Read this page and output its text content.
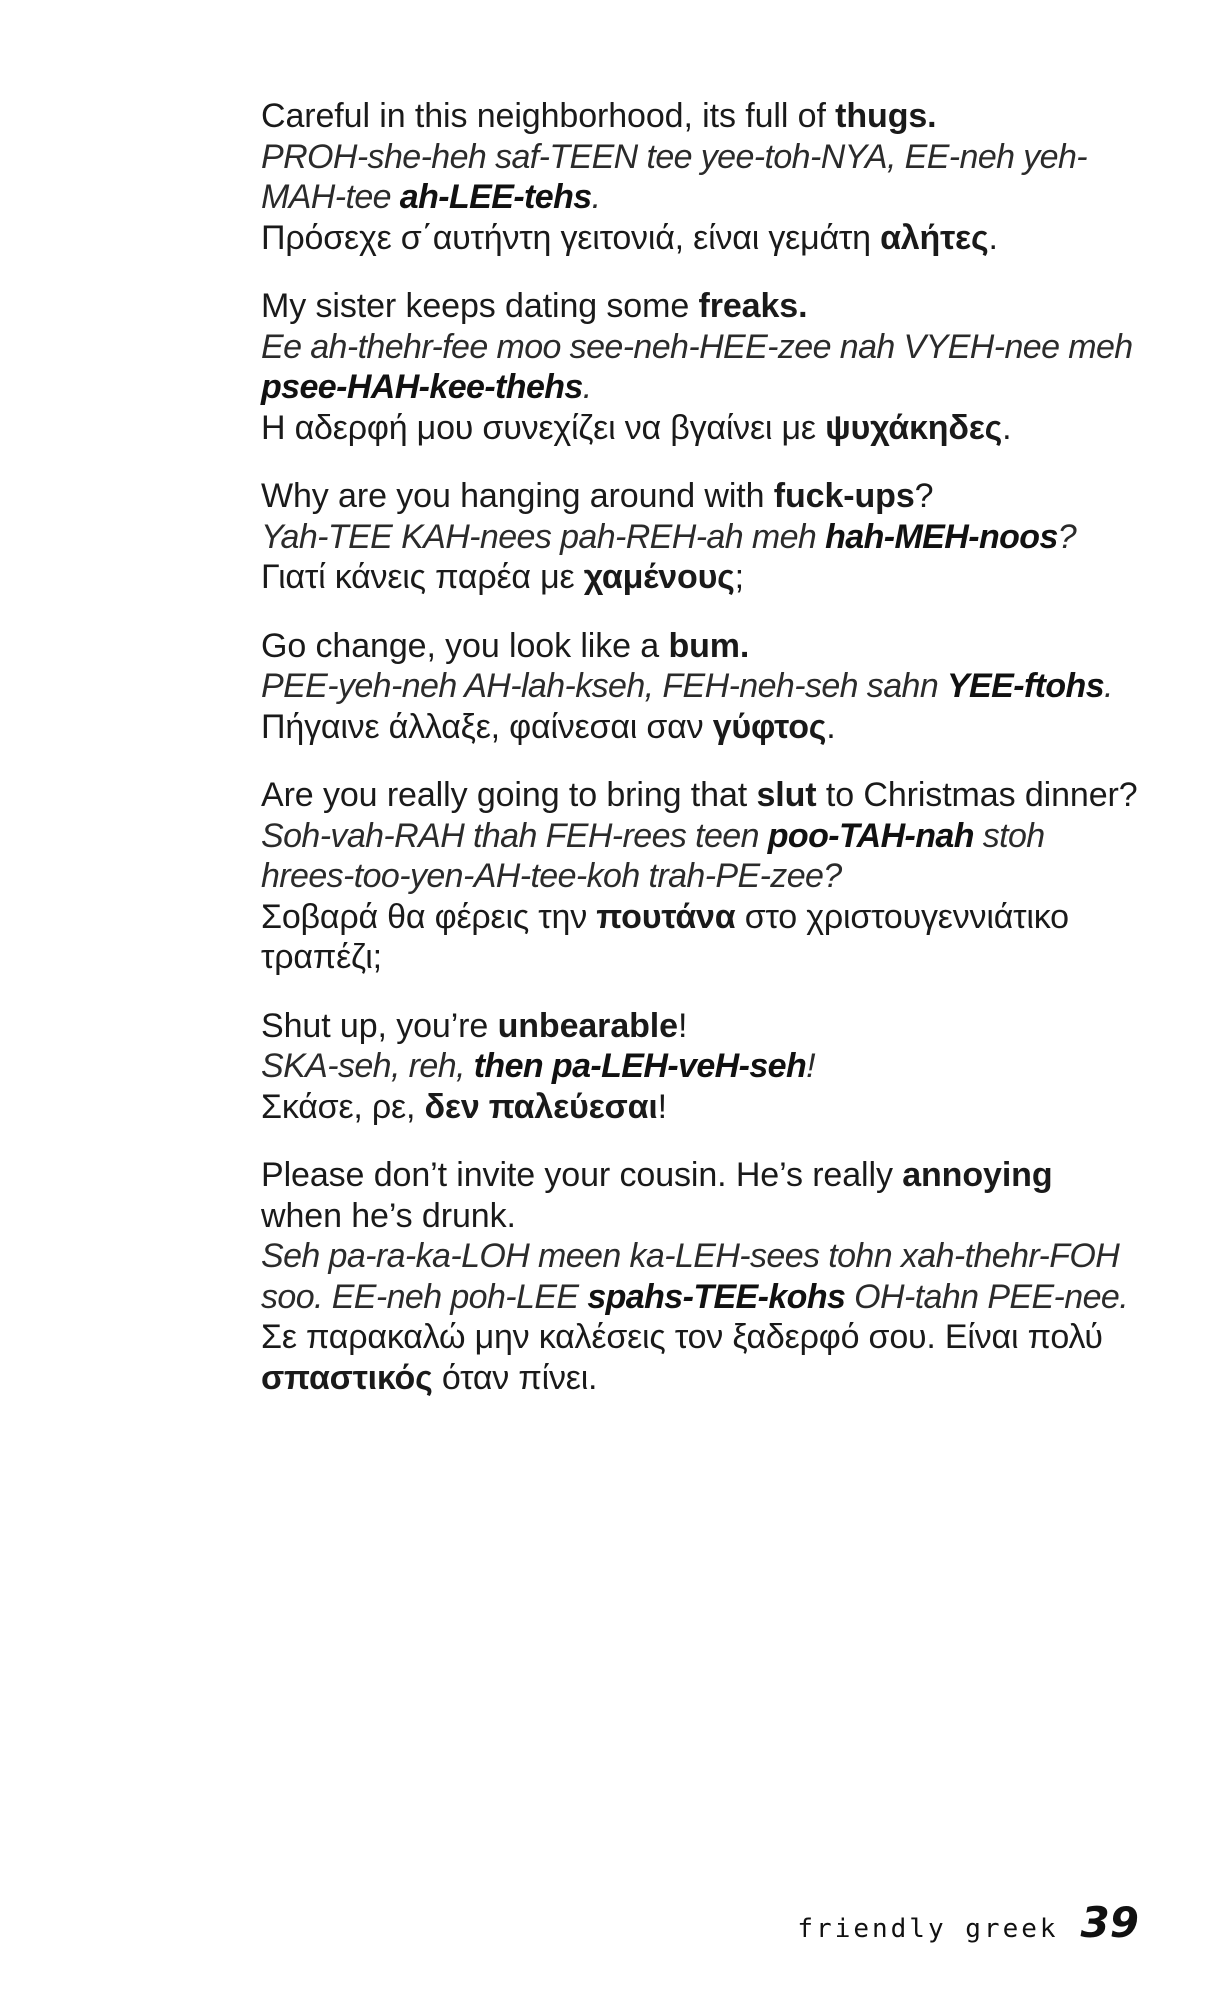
Careful in this neighborhood, its full of thugs.
PROH-she-heh saf-TEEN tee yee-toh-NYA, EE-neh yeh-MAH-tee ah-LEE-tehs.
Πρόσεχε σ΄αυτήντη γειτονιά, είναι γεμάτη αλήτες.
My sister keeps dating some freaks.
Ee ah-thehr-fee moo see-neh-HEE-zee nah VYEH-nee meh psee-HAH-kee-thehs.
Η αδερφή μου συνεχίζει να βγαίνει με ψυχάκηδες.
Why are you hanging around with fuck-ups?
Yah-TEE KAH-nees pah-REH-ah meh hah-MEH-noos?
Γιατί κάνεις παρέα με χαμένους;
Go change, you look like a bum.
PEE-yeh-neh AH-lah-kseh, FEH-neh-seh sahn YEE-ftohs.
Πήγαινε άλλαξε, φαίνεσαι σαν γύφτος.
Are you really going to bring that slut to Christmas dinner?
Soh-vah-RAH thah FEH-rees teen poo-TAH-nah stoh hrees-too-yen-AH-tee-koh trah-PE-zee?
Σοβαρά θα φέρεις την πουτάνα στο χριστουγεννιάτικο τραπέζι;
Shut up, you’re unbearable!
SKA-seh, reh, then pa-LEH-veH-seh!
Σκάσε, ρε, δεν παλεύεσαι!
Please don’t invite your cousin. He’s really annoying when he’s drunk.
Seh pa-ra-ka-LOH meen ka-LEH-sees tohn xah-thehr-FOH soo. EE-neh poh-LEE spahs-TEE-kohs OH-tahn PEE-nee.
Σε παρακαλώ μην καλέσεις τον ξαδερφό σου. Είναι πολύ σπαστικός όταν πίνει.
friendly greek 39
